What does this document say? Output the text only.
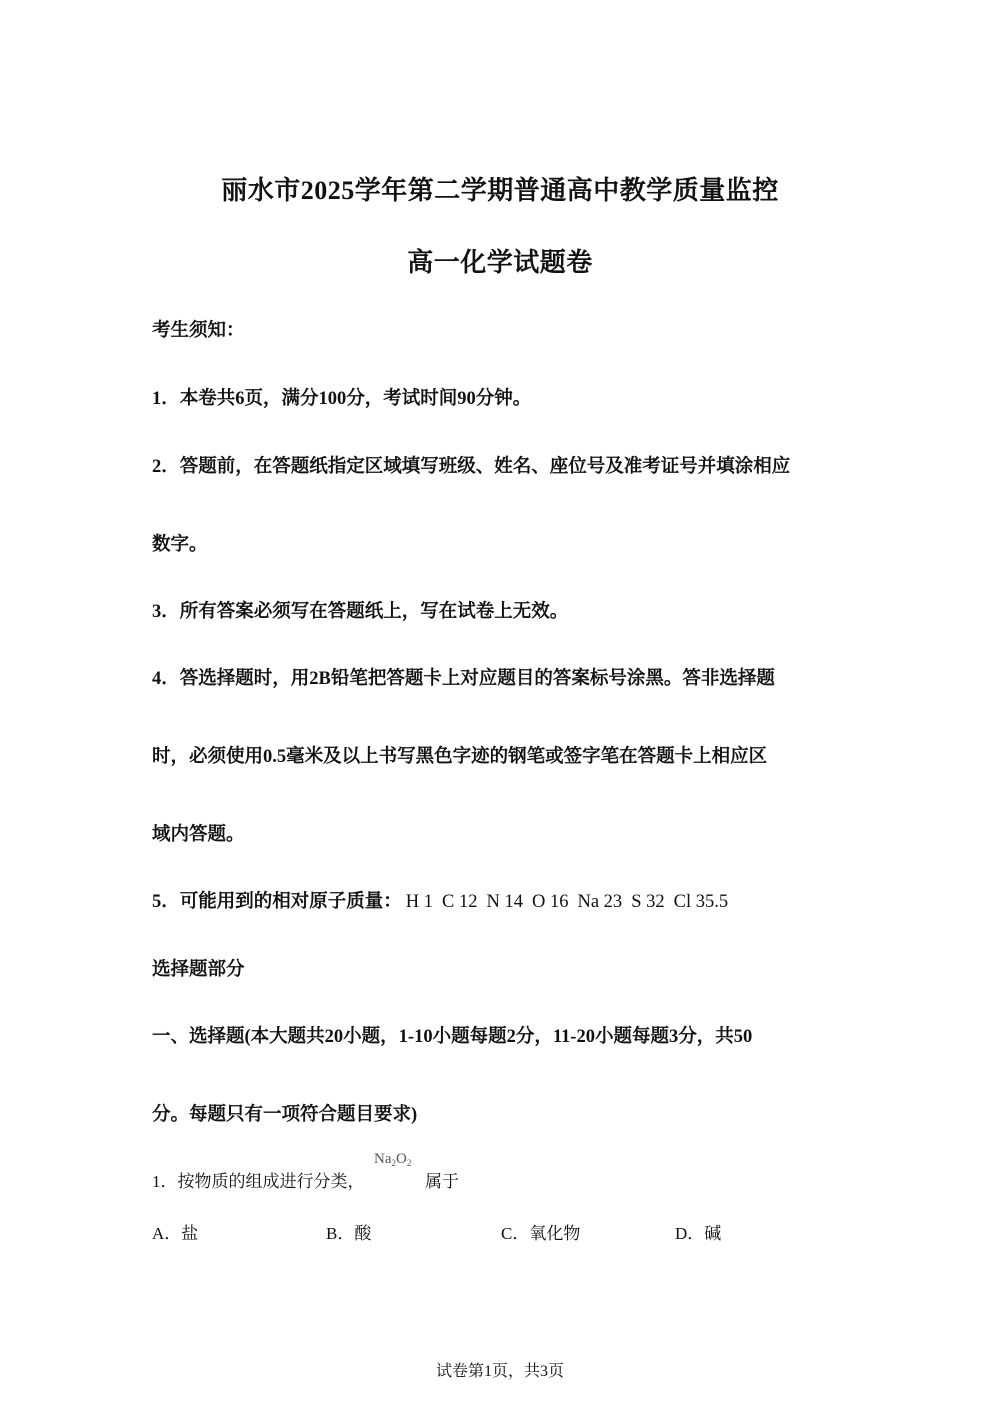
丽水市2025学年第二学期普通高中教学质量监控
高一化学试题卷
考生须知：
1．本卷共6页，满分100分，考试时间90分钟。
2．答题前，在答题纸指定区域填写班级、姓名、座位号及准考证号并填涂相应
数字。
3．所有答案必须写在答题纸上，写在试卷上无效。
4．答选择题时，用2B铅笔把答题卡上对应题目的答案标号涂黑。答非选择题
时，必须使用0.5毫米及以上书写黑色字迹的钢笔或签字笔在答题卡上相应区
域内答题。
5．可能用到的相对原子质量： H 1 C 12 N 14 O 16 Na 23 S 32 Cl 35.5
选择题部分
一、选择题(本大题共20小题，1-10小题每题2分，11-20小题每题3分，共50
分。每题只有一项符合题目要求)
1．按物质的组成进行分类，
$Na_2O_2$
属于
A．盐	B．酸	C．氧化物	D．碱
试卷第1页，共3页
